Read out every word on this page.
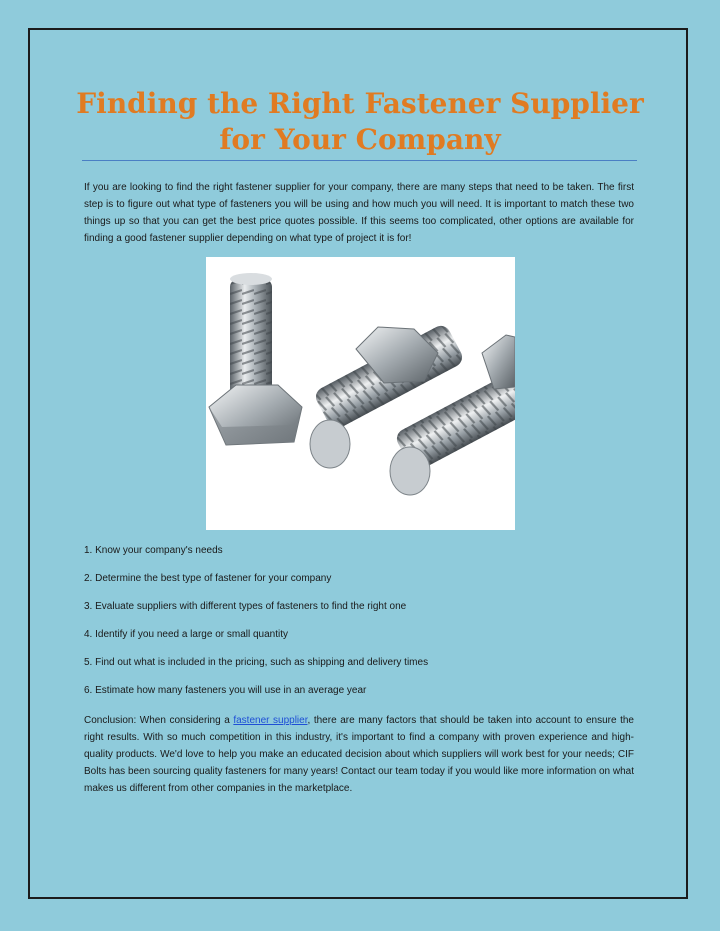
Finding the Right Fastener Supplier
for Your Company

If you are looking to find the right fastener supplier for your company, there are many steps that need to be taken. The first step is to figure out what type of fasteners you will be using and how much you will need. It is important to match these two things up so that you can get the best price quotes possible. If this seems too complicated, other options are available for finding a good fastener supplier depending on what type of project it is for!

1. Know your company's needs
2. Determine the best type of fastener for your company
3. Evaluate suppliers with different types of fasteners to find the right one
4. Identify if you need a large or small quantity
5. Find out what is included in the pricing, such as shipping and delivery times
6. Estimate how many fasteners you will use in an average year

Conclusion: When considering a fastener supplier, there are many factors that should be taken into account to ensure the right results. With so much competition in this industry, it's important to find a company with proven experience and high-quality products. We'd love to help you make an educated decision about which suppliers will work best for your needs; CIF Bolts has been sourcing quality fasteners for many years! Contact our team today if you would like more information on what makes us different from other companies in the marketplace.
